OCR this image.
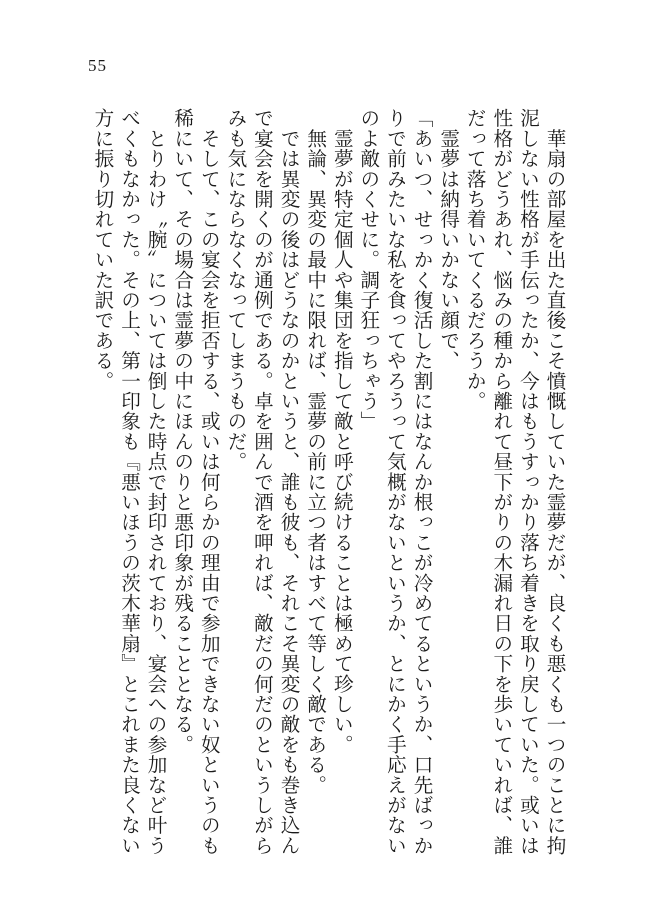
55
　華扇の部屋を出た直後こそ憤慨していた霊夢だが、良くも悪くも一つのことに拘
泥しない性格が手伝ったか、今はもうすっかり落ち着きを取り戻していた。或いは
性格がどうあれ、悩みの種から離れて昼下がりの木漏れ日の下を歩いていれば、誰
だって落ち着いてくるだろうか。
　霊夢は納得いかない顔で、
「あいつ、せっかく復活した割にはなんか根っこが冷めてるというか、口先ばっか
りで前みたいな私を食ってやろうって気概がないというか、とにかく手応えがない
のよ敵のくせに。調子狂っちゃう」
　霊夢が特定個人や集団を指して敵と呼び続けることは極めて珍しい。
　無論、異変の最中に限れば、霊夢の前に立つ者はすべて等しく敵である。
　では異変の後はどうなのかというと、誰も彼も、それこそ異変の敵をも巻き込ん
で宴会を開くのが通例である。卓を囲んで酒を呷れば、敵だの何だのというしがら
みも気にならなくなってしまうものだ。
　そして、この宴会を拒否する、或いは何らかの理由で参加できない奴というのも
稀にいて、その場合は霊夢の中にほんのりと悪印象が残ることとなる。
　とりわけ〝腕〟については倒した時点で封印されており、宴会への参加など叶う
べくもなかった。その上、第一印象も『悪いほうの茨木華扇』とこれまた良くない
方に振り切れていた訳である。
